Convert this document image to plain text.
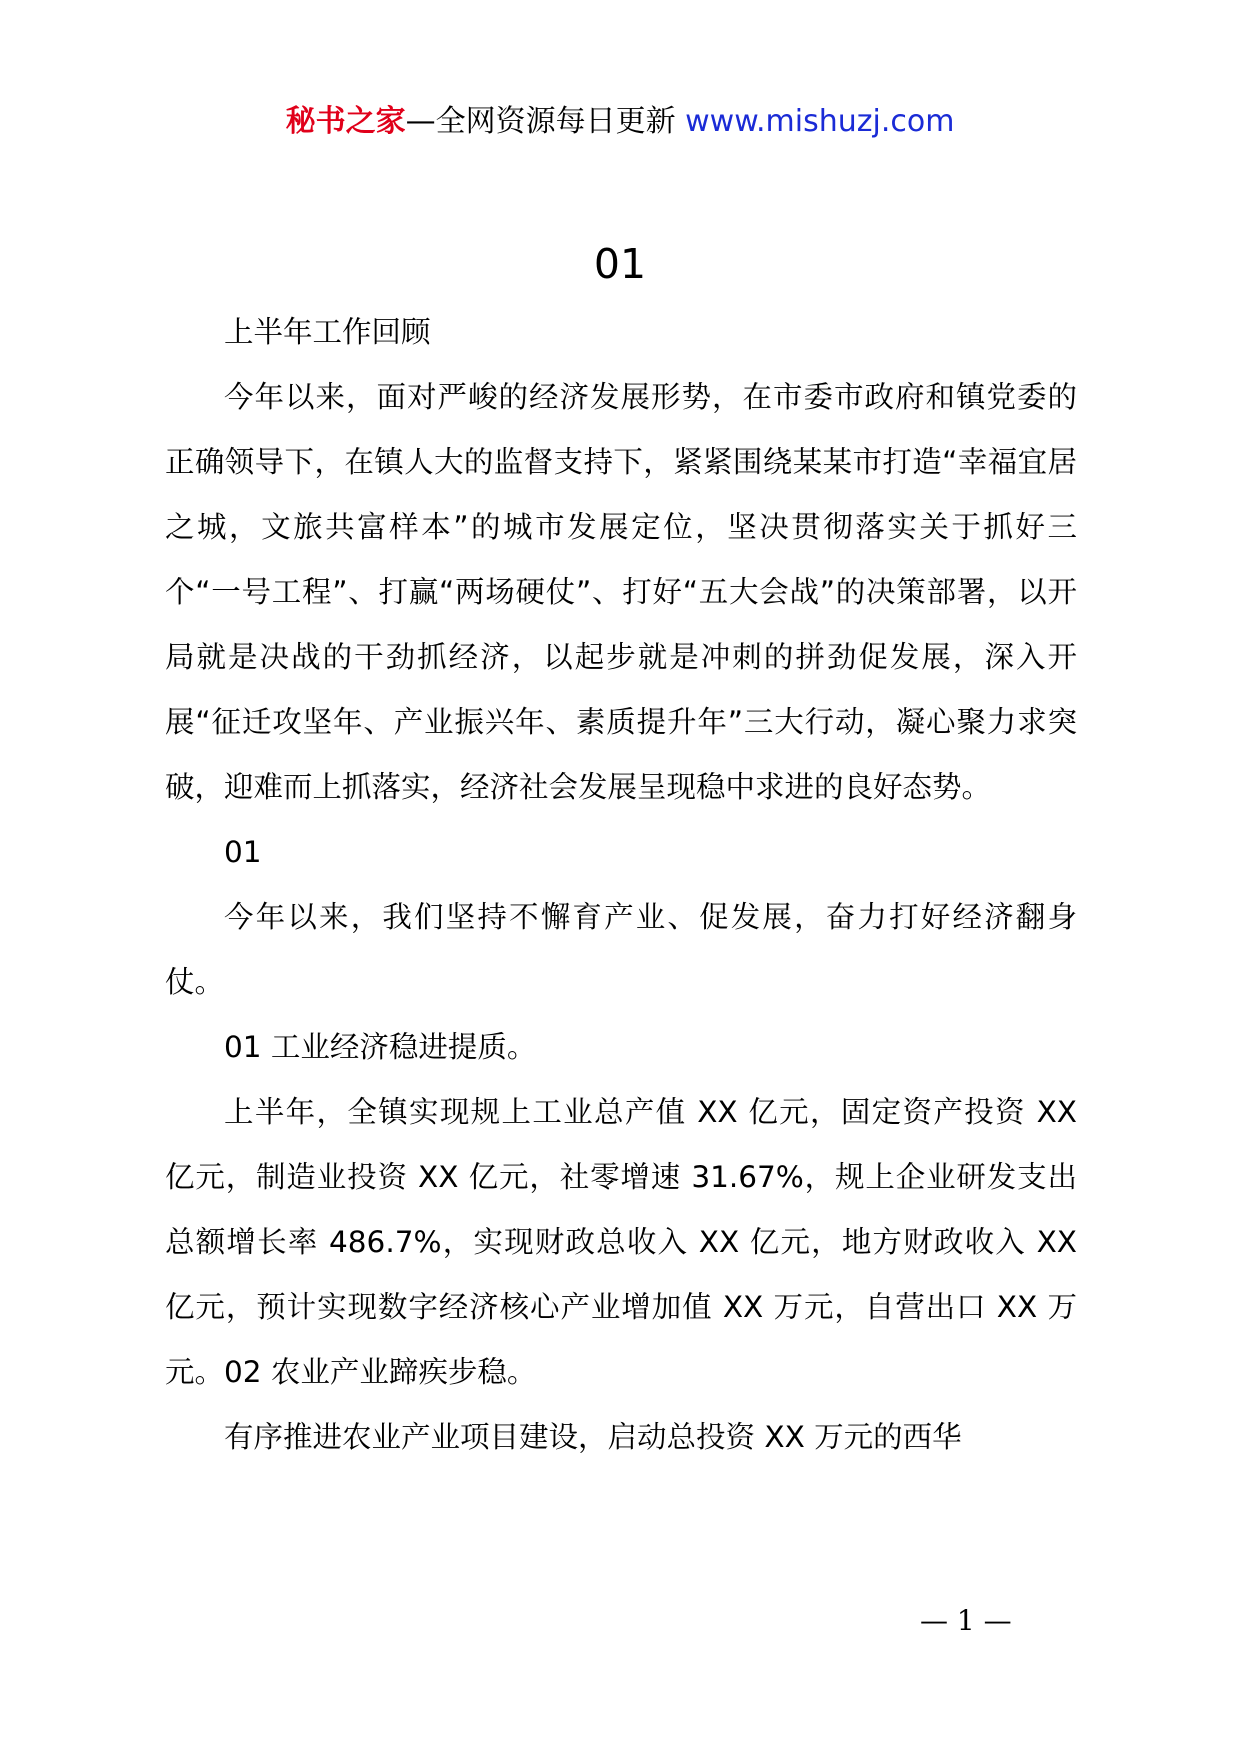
秘书之家—全网资源每日更新 www.mishuzj.com
01

上半年工作回顾

今年以来，面对严峻的经济发展形势，在市委市政府和镇党委的正确领导下，在镇人大的监督支持下，紧紧围绕某某市打造“幸福宜居之城，文旅共富样本”的城市发展定位，坚决贯彻落实关于抓好三个“一号工程”、打赢“两场硬仗”、打好“五大会战”的决策部署，以开局就是决战的干劲抓经济，以起步就是冲刺的拼劲促发展，深入开展“征迁攻坚年、产业振兴年、素质提升年”三大行动，凝心聚力求突破，迎难而上抓落实，经济社会发展呈现稳中求进的良好态势。

01

今年以来，我们坚持不懈育产业、促发展，奋力打好经济翻身仗。

01 工业经济稳进提质。

上半年，全镇实现规上工业总产值 XX 亿元，固定资产投资 XX 亿元，制造业投资 XX 亿元，社零增速 31.67%，规上企业研发支出总额增长率 486.7%，实现财政总收入 XX 亿元，地方财政收入 XX 亿元，预计实现数字经济核心产业增加值 XX 万元，自营出口 XX 万元。02 农业产业蹄疾步稳。

有序推进农业产业项目建设，启动总投资 XX 万元的西华

— 1 —
